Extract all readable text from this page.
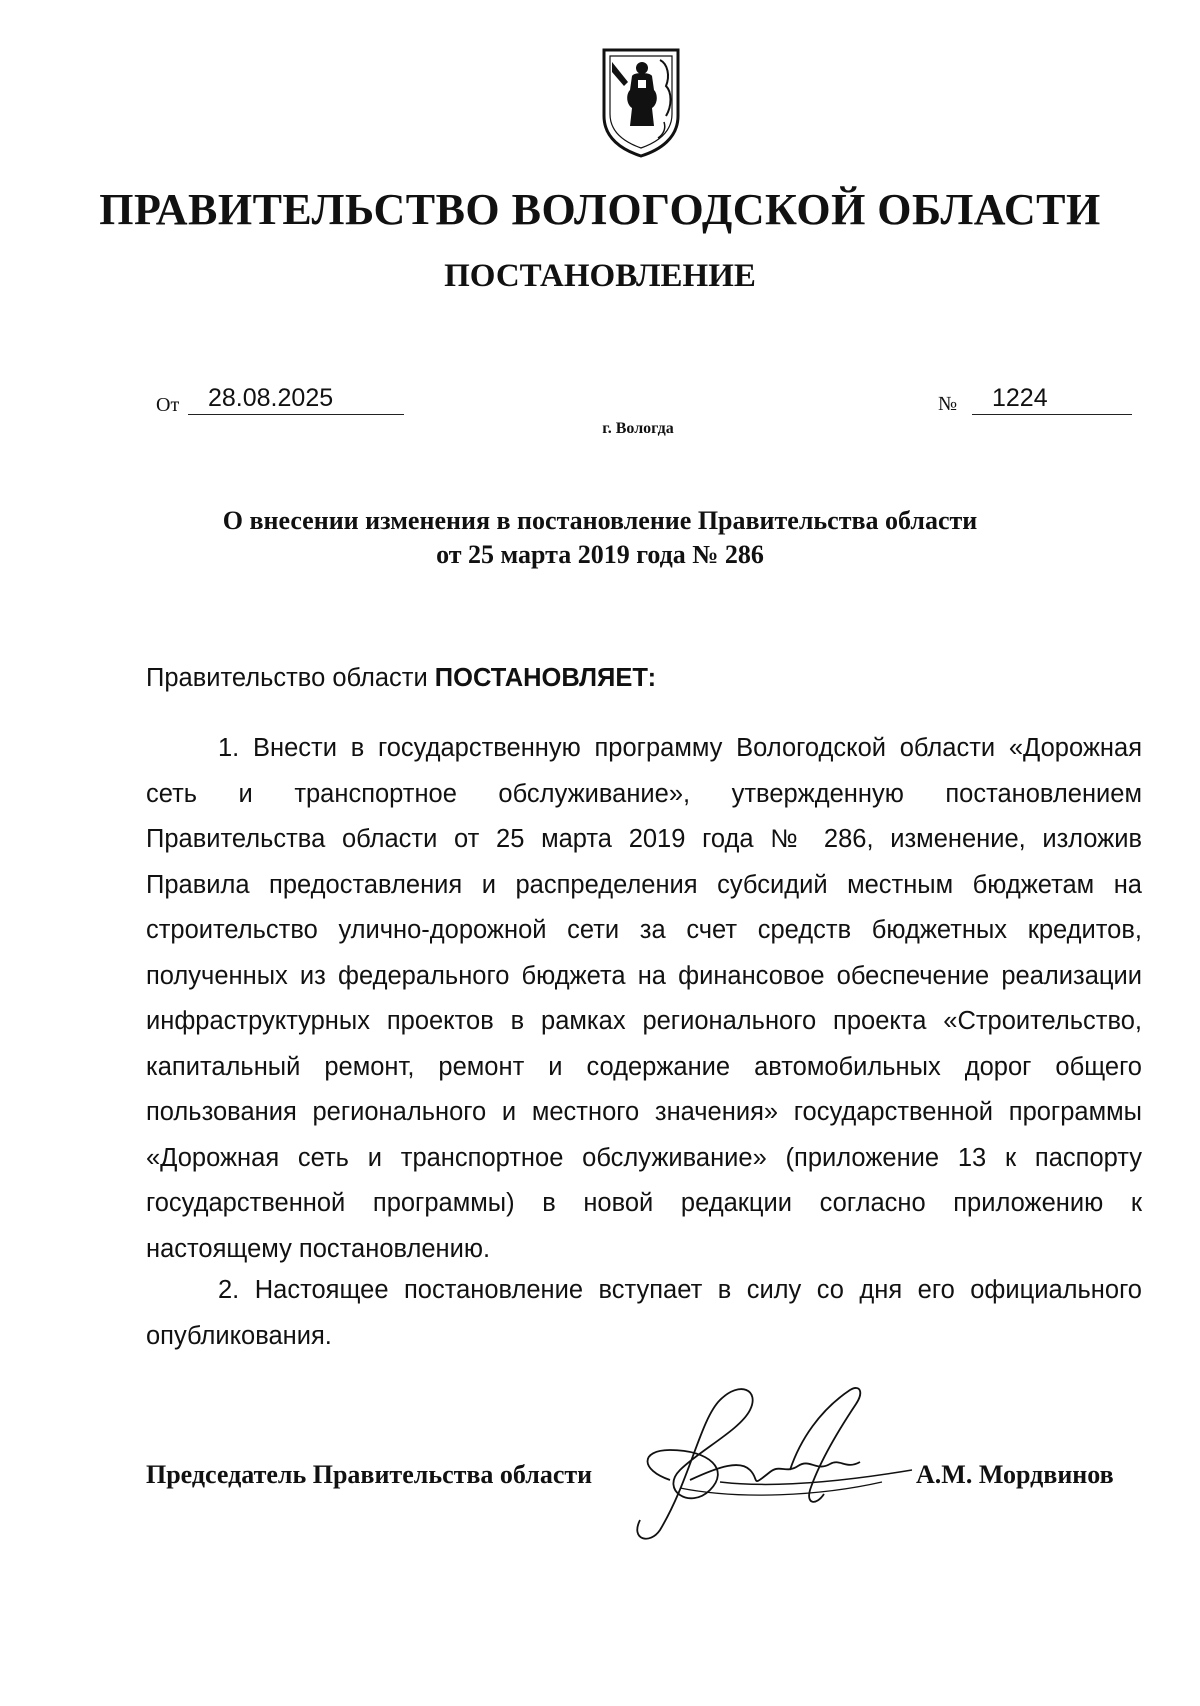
ПРАВИТЕЛЬСТВО ВОЛОГОДСКОЙ ОБЛАСТИ
ПОСТАНОВЛЕНИЕ
От 28.08.2025	№ 1224
г. Вологда
О внесении изменения в постановление Правительства области
от 25 марта 2019 года № 286
Правительство области ПОСТАНОВЛЯЕТ:
1. Внести в государственную программу Вологодской области «Дорожная сеть и транспортное обслуживание», утвержденную постановлением Правительства области от 25 марта 2019 года № 286, изменение, изложив Правила предоставления и распределения субсидий местным бюджетам на строительство улично-дорожной сети за счет средств бюджетных кредитов, полученных из федерального бюджета на финансовое обеспечение реализации инфраструктурных проектов в рамках регионального проекта «Строительство, капитальный ремонт, ремонт и содержание автомобильных дорог общего пользования регионального и местного значения» государственной программы «Дорожная сеть и транспортное обслуживание» (приложение 13 к паспорту государственной программы) в новой редакции согласно приложению к настоящему постановлению.
2. Настоящее постановление вступает в силу со дня его официального опубликования.
Председатель Правительства области	А.М. Мордвинов
